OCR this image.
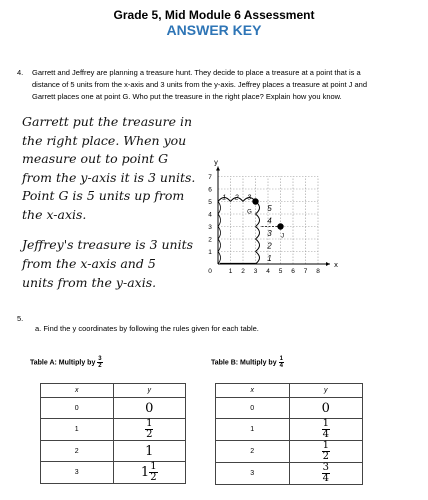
Grade 5, Mid Module 6 Assessment
ANSWER KEY
4. Garrett and Jeffrey are planning a treasure hunt. They decide to place a treasure at a point that is a
distance of 5 units from the x-axis and 3 units from the y-axis. Jeffrey places a treasure at point J and
Garrett places one at point G. Who put the treasure in the right place? Explain how you know.
Garrett put the treasure in
the right place. When you
measure out to point G
from the y-axis it is 3 units.
Point G is 5 units up from
the x-axis.
Jeffrey's treasure is 3 units
from the x-axis and 5
units from the y-axis.
1 2 3 4 5 6 7 8
1
2
3
4
5
6
7
0
x
y
1 2 3
5
4
3
2
1
G
J
5.
a. Find the y coordinates by following the rules given for each table.
Table A: Multiply by $\frac{3}{2}$
x	y
0	0
1	$\frac{1}{2}$

2	1
3	$1 \frac{1}{2}$
Table B: Multiply by $\frac{1}{4}$
x	y
0	0
1	$\frac{1}{4}$

2	$\frac{1}{2}$

3	$\frac{3}{4}$
